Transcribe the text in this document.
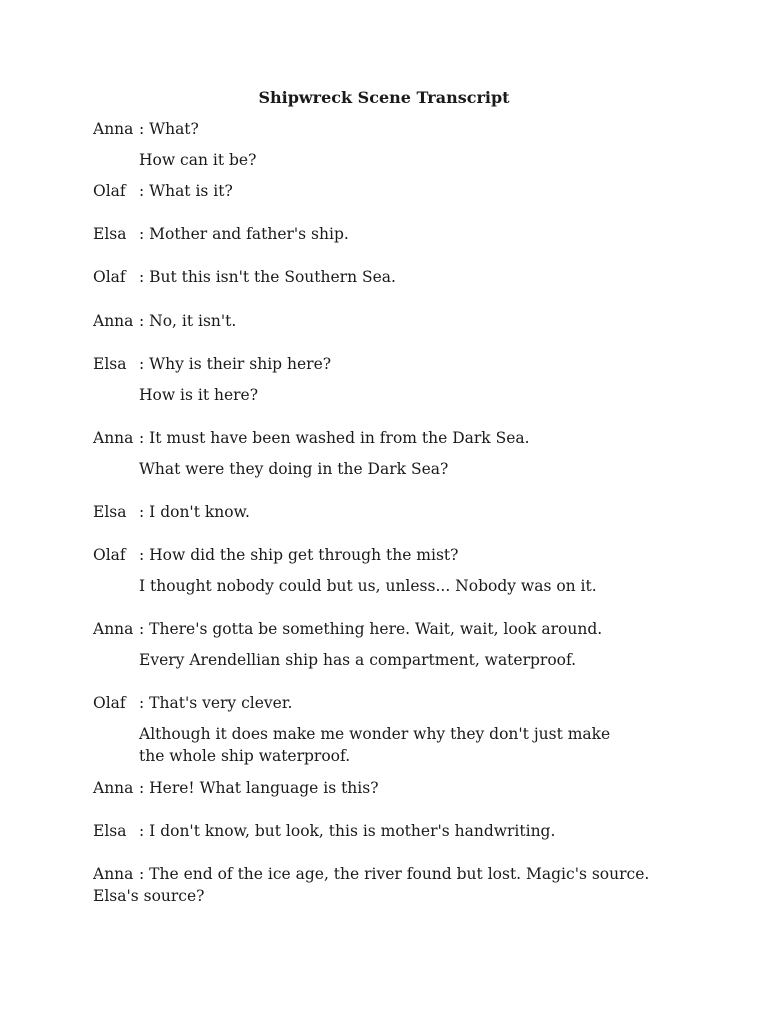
Shipwreck Scene Transcript
Anna : What?
How can it be?
Olaf : What is it?
Elsa : Mother and father's ship.
Olaf : But this isn't the Southern Sea.
Anna : No, it isn't.
Elsa : Why is their ship here?
How is it here?
Anna : It must have been washed in from the Dark Sea.
What were they doing in the Dark Sea?
Elsa : I don't know.
Olaf : How did the ship get through the mist?
I thought nobody could but us, unless... Nobody was on it.
Anna : There's gotta be something here. Wait, wait, look around.
Every Arendellian ship has a compartment, waterproof.
Olaf : That's very clever.
Although it does make me wonder why they don't just make the whole ship waterproof.
Anna : Here! What language is this?
Elsa : I don't know, but look, this is mother's handwriting.
Anna : The end of the ice age, the river found but lost. Magic's source. Elsa's source?
